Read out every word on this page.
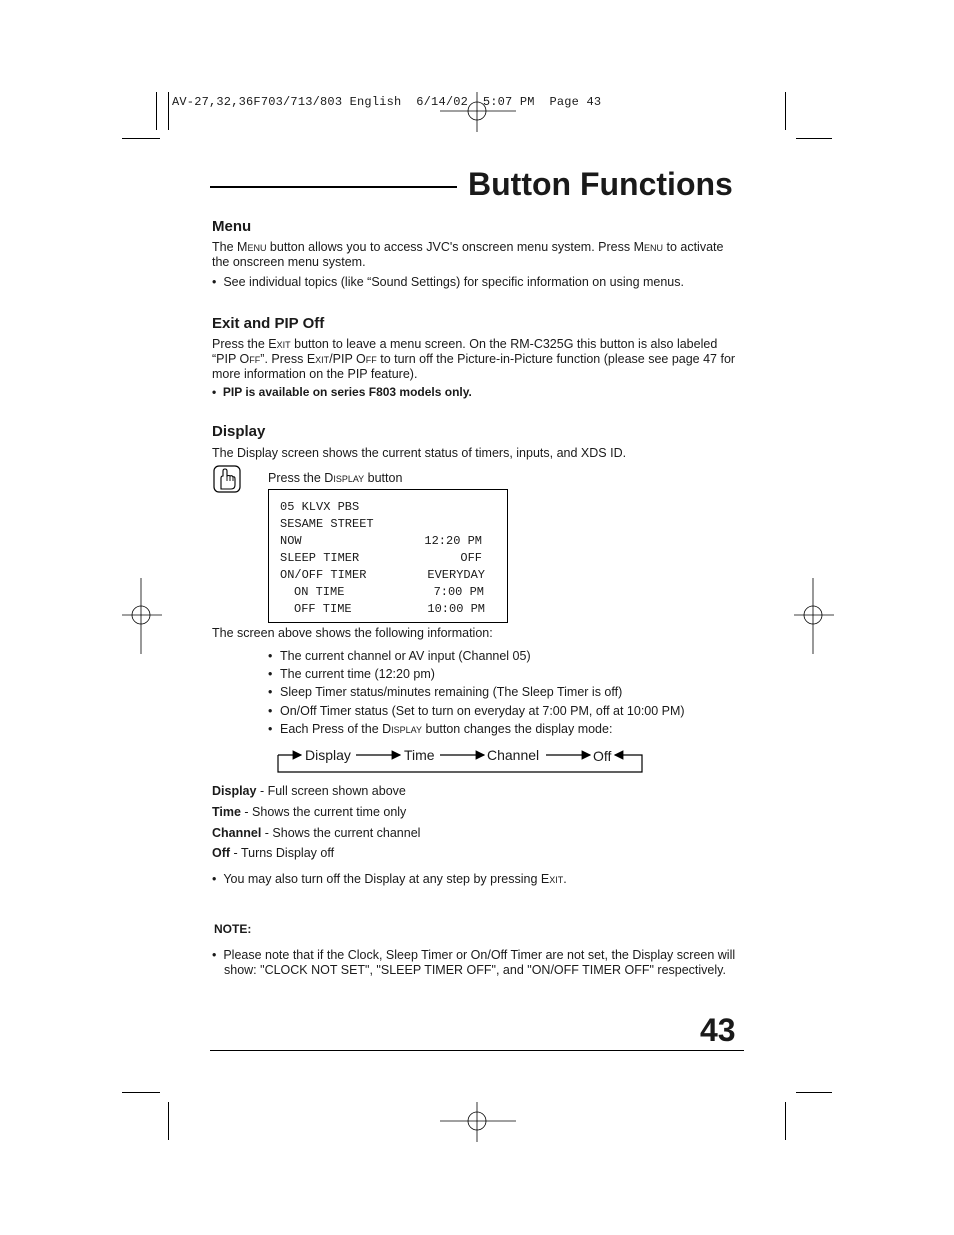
AV-27,32,36F703/713/803 English  6/14/02  5:07 PM  Page 43
Button Functions
Menu
The Menu button allows you to access JVC's onscreen menu system. Press Menu to activate
the onscreen menu system.
•  See individual topics (like “Sound Settings) for specific information on using menus.
Exit and PIP Off
Press the Exit button to leave a menu screen. On the RM-C325G this button is also labeled
“PIP Off”. Press Exit/PIP Off to turn off the Picture-in-Picture function (please see page 47 for
more information on the PIP feature).
•  PIP is available on series F803 models only.
Display
The Display screen shows the current status of timers, inputs, and XDS ID.
Press the Display button
05 KLVX PBS
SESAME STREET
NOW	12:20 PM
SLEEP TIMER	OFF
ON/OFF TIMER	EVERYDAY
ON TIME	7:00 PM
OFF TIME	10:00 PM
The screen above shows the following information:
• The current channel or AV input (Channel 05)
• The current time (12:20 pm)
• Sleep Timer status/minutes remaining (The Sleep Timer is off)
• On/Off Timer status (Set to turn on everyday at 7:00 PM, off at 10:00 PM)
• Each Press of the Display button changes the display mode:
Display	Time	Channel	Off
Display - Full screen shown above
Time - Shows the current time only
Channel - Shows the current channel
Off - Turns Display off
•  You may also turn off the Display at any step by pressing Exit.
NOTE:
•  Please note that if the Clock, Sleep Timer or On/Off Timer are not set, the Display screen will
show: "CLOCK NOT SET", "SLEEP TIMER OFF", and "ON/OFF TIMER OFF" respectively.
43
